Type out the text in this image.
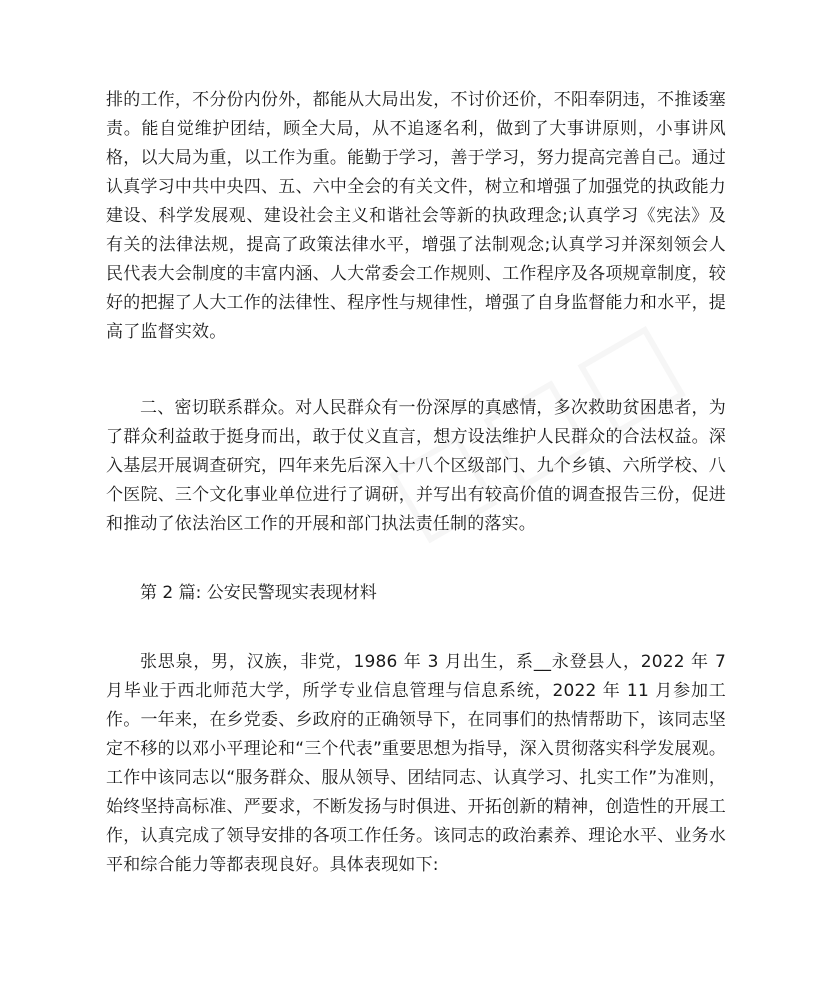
排的工作，不分份内份外，都能从大局出发，不讨价还价，不阳奉阴违，不推诿塞责。能自觉维护团结，顾全大局，从不追逐名利，做到了大事讲原则，小事讲风格，以大局为重，以工作为重。能勤于学习，善于学习，努力提高完善自己。通过认真学习中共中央四、五、六中全会的有关文件，树立和增强了加强党的执政能力建设、科学发展观、建设社会主义和谐社会等新的执政理念;认真学习《宪法》及有关的法律法规，提高了政策法律水平，增强了法制观念;认真学习并深刻领会人民代表大会制度的丰富内涵、人大常委会工作规则、工作程序及各项规章制度，较好的把握了人大工作的法律性、程序性与规律性，增强了自身监督能力和水平，提高了监督实效。

二、密切联系群众。对人民群众有一份深厚的真感情，多次救助贫困患者，为了群众利益敢于挺身而出，敢于仗义直言，想方设法维护人民群众的合法权益。深入基层开展调查研究，四年来先后深入十八个区级部门、九个乡镇、六所学校、八个医院、三个文化事业单位进行了调研，并写出有较高价值的调查报告三份，促进和推动了依法治区工作的开展和部门执法责任制的落实。

第 2 篇: 公安民警现实表现材料

张思泉，男，汉族，非党，1986 年 3 月出生，系__永登县人，2022 年 7 月毕业于西北师范大学，所学专业信息管理与信息系统，2022 年 11 月参加工作。一年来，在乡党委、乡政府的正确领导下，在同事们的热情帮助下，该同志坚定不移的以邓小平理论和“三个代表”重要思想为指导，深入贯彻落实科学发展观。工作中该同志以“服务群众、服从领导、团结同志、认真学习、扎实工作”为准则，始终坚持高标准、严要求，不断发扬与时俱进、开拓创新的精神，创造性的开展工作，认真完成了领导安排的各项工作任务。该同志的政治素养、理论水平、业务水平和综合能力等都表现良好。具体表现如下:
